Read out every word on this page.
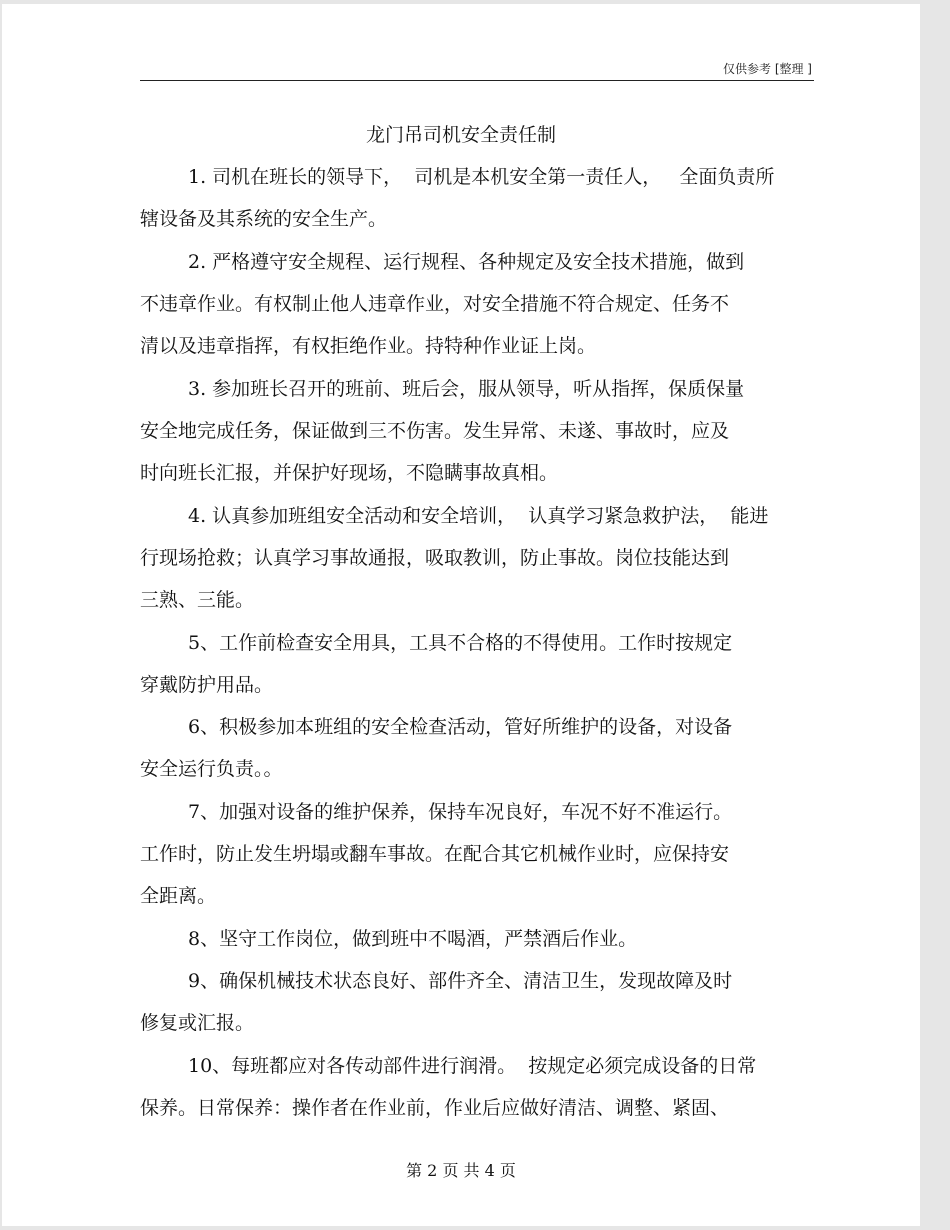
仅供参考 [整理 ]
龙门吊司机安全责任制
1. 司机在班长的领导下，  司机是本机安全第一责任人，   全面负责所
辖设备及其系统的安全生产。
2. 严格遵守安全规程、运行规程、各种规定及安全技术措施，做到
不违章作业。有权制止他人违章作业，对安全措施不符合规定、任务不
清以及违章指挥，有权拒绝作业。持特种作业证上岗。
3. 参加班长召开的班前、班后会，服从领导，听从指挥，保质保量
安全地完成任务，保证做到三不伤害。发生异常、未遂、事故时，应及
时向班长汇报，并保护好现场，不隐瞒事故真相。
4. 认真参加班组安全活动和安全培训，  认真学习紧急救护法，  能进
行现场抢救；认真学习事故通报，吸取教训，防止事故。岗位技能达到
三熟、三能。
5、工作前检查安全用具，工具不合格的不得使用。工作时按规定
穿戴防护用品。
6、积极参加本班组的安全检查活动，管好所维护的设备，对设备
安全运行负责。。
7、加强对设备的维护保养，保持车况良好，车况不好不准运行。
工作时，防止发生坍塌或翻车事故。在配合其它机械作业时，应保持安
全距离。
8、坚守工作岗位，做到班中不喝酒，严禁酒后作业。
9、确保机械技术状态良好、部件齐全、清洁卫生，发现故障及时
修复或汇报。
10、每班都应对各传动部件进行润滑。  按规定必须完成设备的日常
保养。日常保养：操作者在作业前，作业后应做好清洁、调整、紧固、
第 2 页 共 4 页
